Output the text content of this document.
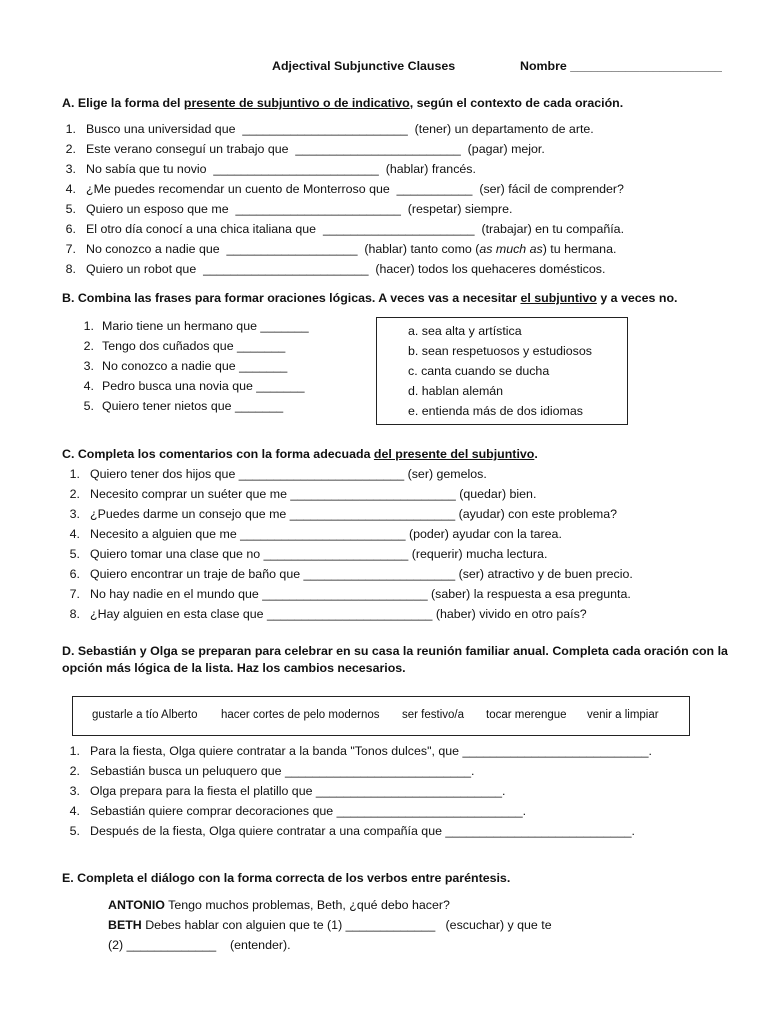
Adjectival Subjunctive Clauses	Nombre ______________________
A. Elige la forma del presente de subjuntivo o de indicativo, según el contexto de cada oración.
1. Busco una universidad que  ________________________  (tener) un departamento de arte.
2. Este verano conseguí un trabajo que  ________________________  (pagar) mejor.
3. No sabía que tu novio  ________________________  (hablar) francés.
4. ¿Me puedes recomendar un cuento de Monterroso que  ___________  (ser) fácil de comprender?
5. Quiero un esposo que me  ________________________  (respetar) siempre.
6. El otro día conocí a una chica italiana que  ______________________  (trabajar) en tu compañía.
7. No conozco a nadie que  ___________________  (hablar) tanto como (as much as) tu hermana.
8. Quiero un robot que  ________________________  (hacer) todos los quehaceres domésticos.
B. Combina las frases para formar oraciones lógicas. A veces vas a necesitar el subjuntivo y a veces no.
1. Mario tiene un hermano que _______
2. Tengo dos cuñados que _______
3. No conozco a nadie que _______
4. Pedro busca una novia que _______
5. Quiero tener nietos que _______
a. sea alta y artística
b. sean respetuosos y estudiosos
c. canta cuando se ducha
d. hablan alemán
e. entienda más de dos idiomas
C. Completa los comentarios con la forma adecuada del presente del subjuntivo.
1. Quiero tener dos hijos que ________________________ (ser) gemelos.
2. Necesito comprar un suéter que me ________________________ (quedar) bien.
3. ¿Puedes darme un consejo que me ________________________ (ayudar) con este problema?
4. Necesito a alguien que me ________________________ (poder) ayudar con la tarea.
5. Quiero tomar una clase que no _____________________ (requerir) mucha lectura.
6. Quiero encontrar un traje de baño que ______________________ (ser) atractivo y de buen precio.
7. No hay nadie en el mundo que ________________________ (saber) la respuesta a esa pregunta.
8. ¿Hay alguien en esta clase que ________________________ (haber) vivido en otro país?
D. Sebastián y Olga se preparan para celebrar en su casa la reunión familiar anual. Completa cada oración con la
opción más lógica de la lista. Haz los cambios necesarios.
gustarle a tío Alberto hacer cortes de pelo modernos ser festivo/a tocar merengue venir a limpiar
1. Para la fiesta, Olga quiere contratar a la banda "Tonos dulces", que ___________________________.
2. Sebastián busca un peluquero que ___________________________.
3. Olga prepara para la fiesta el platillo que ___________________________.
4. Sebastián quiere comprar decoraciones que ___________________________.
5. Después de la fiesta, Olga quiere contratar a una compañía que ___________________________.
E. Completa el diálogo con la forma correcta de los verbos entre paréntesis.
ANTONIO Tengo muchos problemas, Beth, ¿qué debo hacer?
BETH Debes hablar con alguien que te (1) _____________   (escuchar) y que te
(2) _____________    (entender).
